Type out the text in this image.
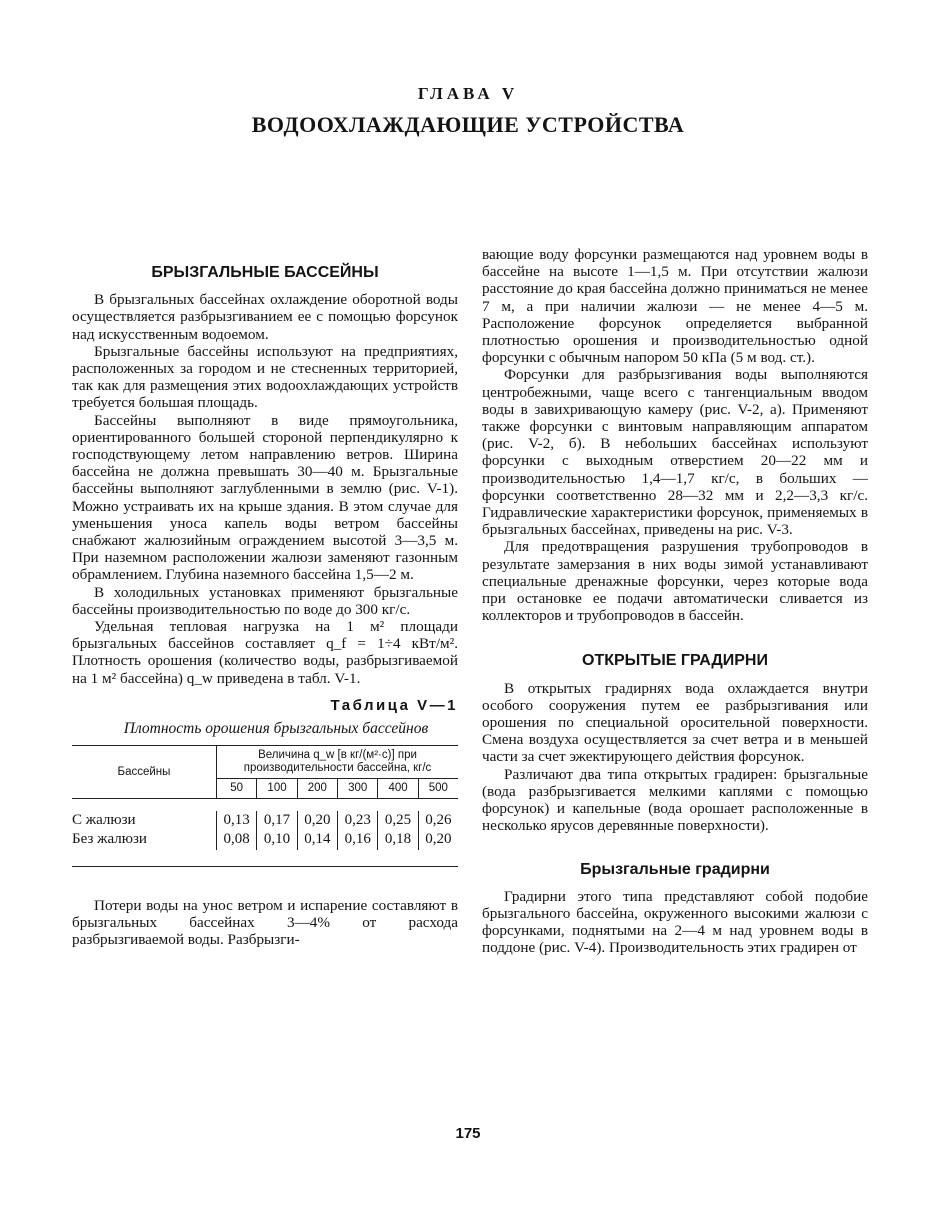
ГЛАВА V
ВОДООХЛАЖДАЮЩИЕ УСТРОЙСТВА

БРЫЗГАЛЬНЫЕ БАССЕЙНЫ

В брызгальных бассейнах охлаждение оборотной воды осуществляется разбрызгиванием ее с помощью форсунок над искусственным водоемом.

Брызгальные бассейны используют на предприятиях, расположенных за городом и не стесненных территорией, так как для размещения этих водоохлаждающих устройств требуется большая площадь.

Бассейны выполняют в виде прямоугольника, ориентированного большей стороной перпендикулярно к господствующему летом направлению ветров. Ширина бассейна не должна превышать 30—40 м. Брызгальные бассейны выполняют заглубленными в землю (рис. V-1). Можно устраивать их на крыше здания. В этом случае для уменьшения уноса капель воды ветром бассейны снабжают жалюзийным ограждением высотой 3—3,5 м. При наземном расположении жалюзи заменяют газонным обрамлением. Глубина наземного бассейна 1,5—2 м.

В холодильных установках применяют брызгальные бассейны производительностью по воде до 300 кг/с.

Удельная тепловая нагрузка на 1 м² площади брызгальных бассейнов составляет q_f = 1÷4 кВт/м². Плотность орошения (количество воды, разбрызгиваемой на 1 м² бассейна) q_w приведена в табл. V-1.

Таблица V—1

Плотность орошения брызгальных бассейнов

Бассейны	Величина q_w [в кг/(м²·с)] при производительности бассейна, кг/с					
	50	100	200	300	400	500

С жалюзи	0,13	0,17	0,20	0,23	0,25	0,26
Без жалюзи	0,08	0,10	0,14	0,16	0,18	0,20

Потери воды на унос ветром и испарение составляют в брызгальных бассейнах 3—4% от расхода разбрызгиваемой воды. Разбрызги-

вающие воду форсунки размещаются над уровнем воды в бассейне на высоте 1—1,5 м. При отсутствии жалюзи расстояние до края бассейна должно приниматься не менее 7 м, а при наличии жалюзи — не менее 4—5 м. Расположение форсунок определяется выбранной плотностью орошения и производительностью одной форсунки с обычным напором 50 кПа (5 м вод. ст.).

Форсунки для разбрызгивания воды выполняются центробежными, чаще всего с тангенциальным вводом воды в завихривающую камеру (рис. V-2, а). Применяют также форсунки с винтовым направляющим аппаратом (рис. V-2, б). В небольших бассейнах используют форсунки с выходным отверстием 20—22 мм и производительностью 1,4—1,7 кг/с, в больших — форсунки соответственно 28—32 мм и 2,2—3,3 кг/с. Гидравлические характеристики форсунок, применяемых в брызгальных бассейнах, приведены на рис. V-3.

Для предотвращения разрушения трубопроводов в результате замерзания в них воды зимой устанавливают специальные дренажные форсунки, через которые вода при остановке ее подачи автоматически сливается из коллекторов и трубопроводов в бассейн.

ОТКРЫТЫЕ ГРАДИРНИ

В открытых градирнях вода охлаждается внутри особого сооружения путем ее разбрызгивания или орошения по специальной оросительной поверхности. Смена воздуха осуществляется за счет ветра и в меньшей части за счет эжектирующего действия форсунок.

Различают два типа открытых градирен: брызгальные (вода разбрызгивается мелкими каплями с помощью форсунок) и капельные (вода орошает расположенные в несколько ярусов деревянные поверхности).

Брызгальные градирни

Градирни этого типа представляют собой подобие брызгального бассейна, окруженного высокими жалюзи с форсунками, поднятыми на 2—4 м над уровнем воды в поддоне (рис. V-4). Производительность этих градирен от

175
